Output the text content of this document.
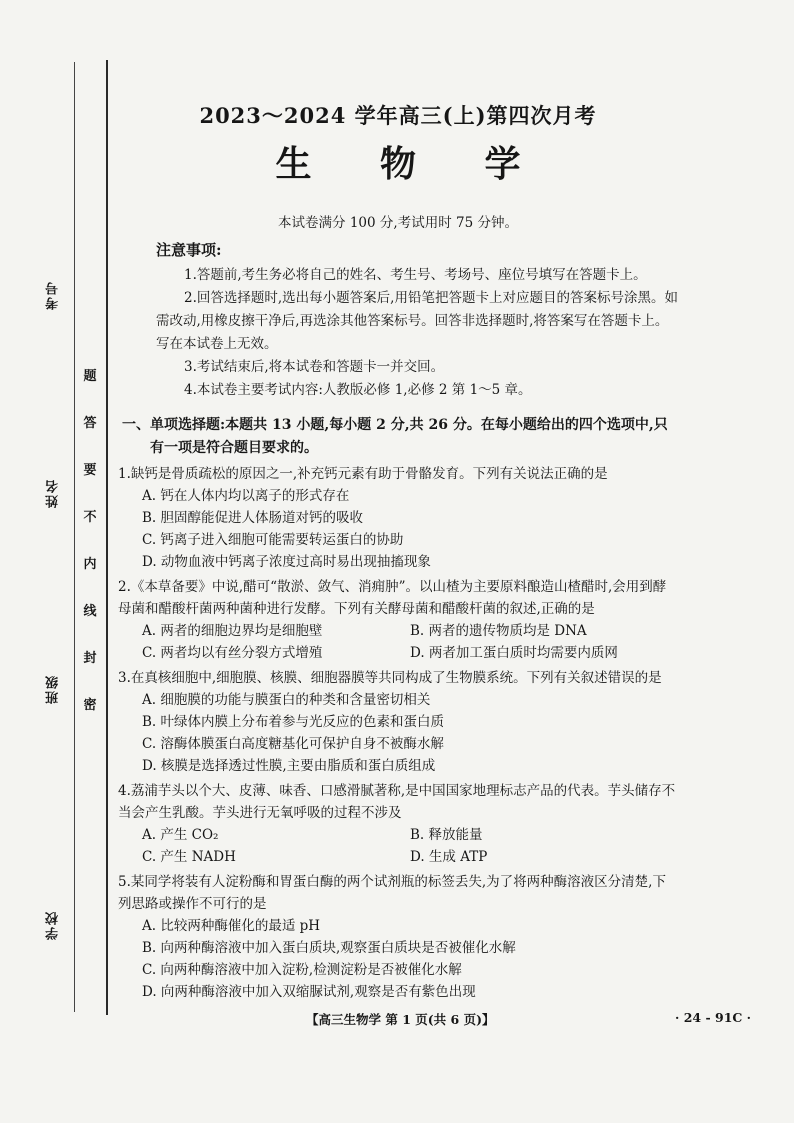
考号
姓名
班级
学校
题
答
要
不
内
线
封
密
2023～2024 学年高三(上)第四次月考
生 物 学
本试卷满分 100 分,考试用时 75 分钟。
注意事项:

1.答题前,考生务必将自己的姓名、考生号、考场号、座位号填写在答题卡上。

2.回答选择题时,选出每小题答案后,用铅笔把答题卡上对应题目的答案标号涂黑。如需改动,用橡皮擦干净后,再选涂其他答案标号。回答非选择题时,将答案写在答题卡上。写在本试卷上无效。

3.考试结束后,将本试卷和答题卡一并交回。

4.本试卷主要考试内容:人教版必修 1,必修 2 第 1～5 章。

一、单项选择题:本题共 13 小题,每小题 2 分,共 26 分。在每小题给出的四个选项中,只有一项是符合题目要求的。

1.缺钙是骨质疏松的原因之一,补充钙元素有助于骨骼发育。下列有关说法正确的是

A. 钙在人体内均以离子的形式存在
B. 胆固醇能促进人体肠道对钙的吸收
C. 钙离子进入细胞可能需要转运蛋白的协助
D. 动物血液中钙离子浓度过高时易出现抽搐现象

2.《本草备要》中说,醋可“散淤、敛气、消痈肿”。以山楂为主要原料酿造山楂醋时,会用到酵母菌和醋酸杆菌两种菌种进行发酵。下列有关酵母菌和醋酸杆菌的叙述,正确的是

A. 两者的细胞边界均是细胞壁	B. 两者的遗传物质均是 DNA
C. 两者均以有丝分裂方式增殖	D. 两者加工蛋白质时均需要内质网

3.在真核细胞中,细胞膜、核膜、细胞器膜等共同构成了生物膜系统。下列有关叙述错误的是

A. 细胞膜的功能与膜蛋白的种类和含量密切相关
B. 叶绿体内膜上分布着参与光反应的色素和蛋白质
C. 溶酶体膜蛋白高度糖基化可保护自身不被酶水解
D. 核膜是选择透过性膜,主要由脂质和蛋白质组成

4.荔浦芋头以个大、皮薄、味香、口感滑腻著称,是中国国家地理标志产品的代表。芋头储存不当会产生乳酸。芋头进行无氧呼吸的过程不涉及

A. 产生 CO₂	B. 释放能量
C. 产生 NADH	D. 生成 ATP

5.某同学将装有人淀粉酶和胃蛋白酶的两个试剂瓶的标签丢失,为了将两种酶溶液区分清楚,下列思路或操作不可行的是

A. 比较两种酶催化的最适 pH
B. 向两种酶溶液中加入蛋白质块,观察蛋白质块是否被催化水解
C. 向两种酶溶液中加入淀粉,检测淀粉是否被催化水解
D. 向两种酶溶液中加入双缩脲试剂,观察是否有紫色出现
【高三生物学 第 1 页(共 6 页)】	· 24 - 91C ·
